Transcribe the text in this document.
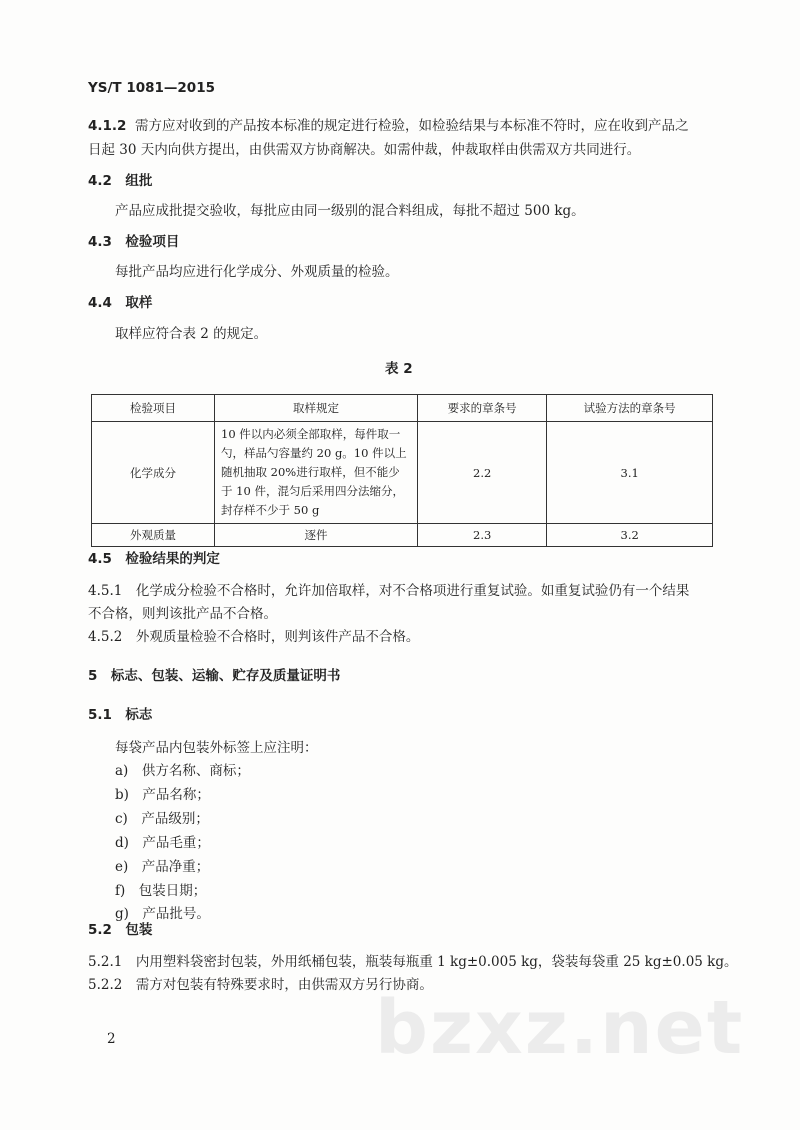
YS/T 1081—2015
4.1.2 需方应对收到的产品按本标准的规定进行检验，如检验结果与本标准不符时，应在收到产品之
日起 30 天内向供方提出，由供需双方协商解决。如需仲裁，仲裁取样由供需双方共同进行。
4.2　组批
产品应成批提交验收，每批应由同一级别的混合料组成，每批不超过 500 kg。
4.3　检验项目
每批产品均应进行化学成分、外观质量的检验。
4.4　取样
取样应符合表 2 的规定。
表 2
检验项目	取样规定	要求的章条号	试验方法的章条号
化学成分	10 件以内必须全部取样，每件取一勺，样品勺容量约 20 g。10 件以上随机抽取 20%进行取样，但不能少于 10 件，混匀后采用四分法缩分，封存样不少于 50 g	2.2	3.1
外观质量	逐件	2.3	3.2
4.5　检验结果的判定
4.5.1　化学成分检验不合格时，允许加倍取样，对不合格项进行重复试验。如重复试验仍有一个结果
不合格，则判该批产品不合格。
4.5.2　外观质量检验不合格时，则判该件产品不合格。
5　标志、包装、运输、贮存及质量证明书
5.1　标志
每袋产品内包装外标签上应注明：
a)　供方名称、商标；
b)　产品名称；
c)　产品级别；
d)　产品毛重；
e)　产品净重；
f)　包装日期；
g)　产品批号。
5.2　包装
5.2.1　内用塑料袋密封包装，外用纸桶包装，瓶装每瓶重 1 kg±0.005 kg，袋装每袋重 25 kg±0.05 kg。
5.2.2　需方对包装有特殊要求时，由供需双方另行协商。
bzxz.net
2
